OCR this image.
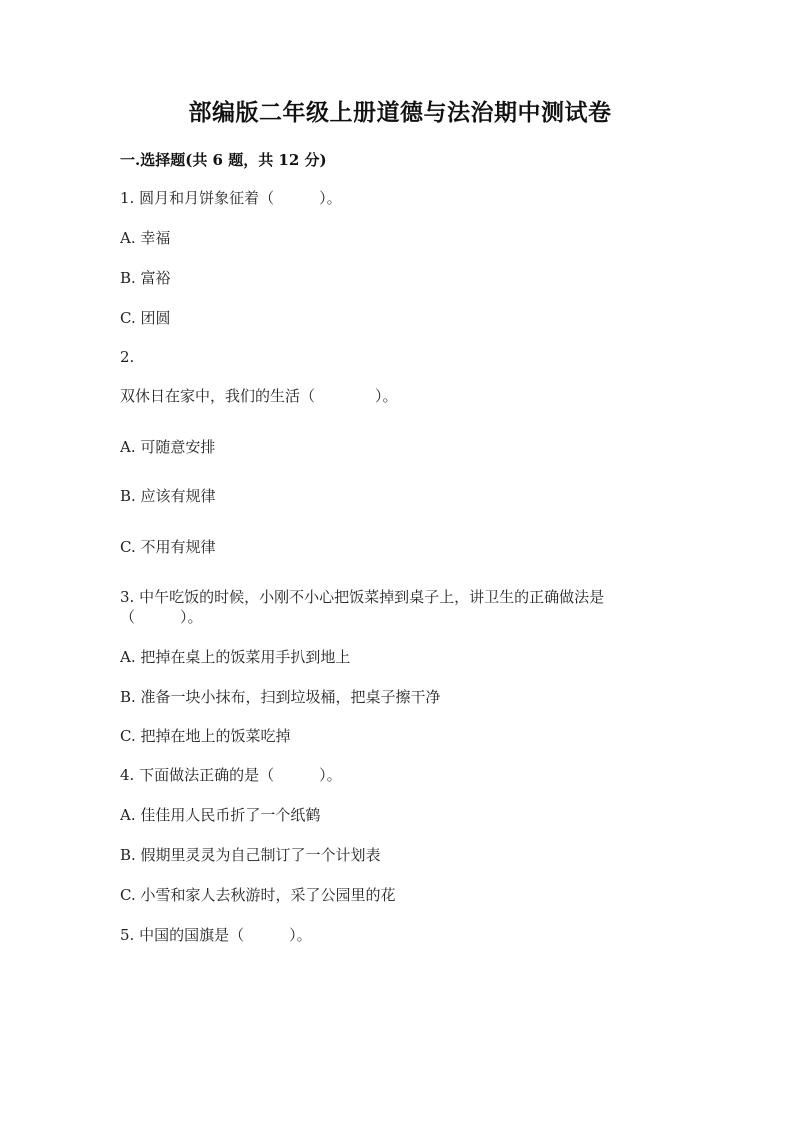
部编版二年级上册道德与法治期中测试卷
一.选择题(共 6 题，共 12 分)
1. 圆月和月饼象征着（　　　）。
A. 幸福
B. 富裕
C. 团圆
2.
双休日在家中，我们的生活（　　　　）。
A. 可随意安排
B. 应该有规律
C. 不用有规律
3. 中午吃饭的时候，小刚不小心把饭菜掉到桌子上，讲卫生的正确做法是
（　　　）。
A. 把掉在桌上的饭菜用手扒到地上
B. 准备一块小抹布，扫到垃圾桶，把桌子擦干净
C. 把掉在地上的饭菜吃掉
4. 下面做法正确的是（　　　）。
A. 佳佳用人民币折了一个纸鹤
B. 假期里灵灵为自己制订了一个计划表
C. 小雪和家人去秋游时，采了公园里的花
5. 中国的国旗是（　　　）。
